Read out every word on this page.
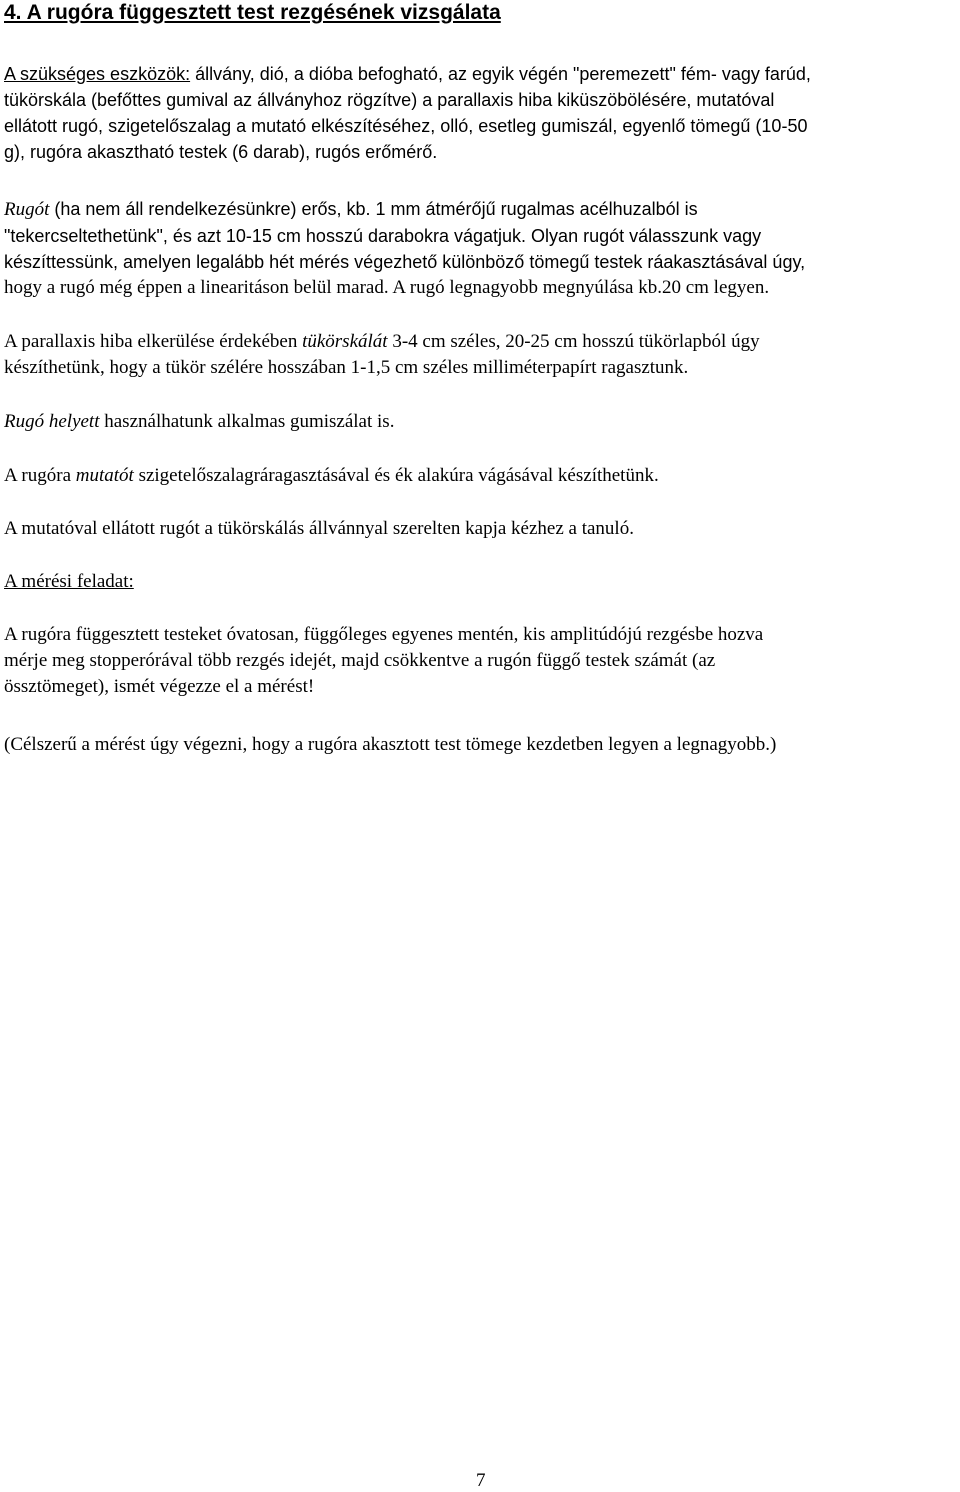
4. A rugóra függesztett test rezgésének vizsgálata
A szükséges eszközök: állvány, dió, a dióba befogható, az egyik végén "peremezett" fém- vagy farúd,
tükörskála (befőttes gumival az állványhoz rögzítve) a parallaxis hiba kiküszöbölésére, mutatóval
ellátott rugó, szigetelőszalag a mutató elkészítéséhez, olló, esetleg gumiszál, egyenlő tömegű (10-50
g), rugóra akasztható testek (6 darab), rugós erőmérő.
Rugót (ha nem áll rendelkezésünkre) erős, kb. 1 mm átmérőjű rugalmas acélhuzalból is
"tekercseltethetünk", és azt 10-15 cm hosszú darabokra vágatjuk. Olyan rugót válasszunk vagy
készíttessünk, amelyen legalább hét mérés végezhető különböző tömegű testek ráakasztásával úgy,
hogy a rugó még éppen a linearitáson belül marad. A rugó legnagyobb megnyúlása kb.20 cm legyen.
A parallaxis hiba elkerülése érdekében tükörskálát 3-4 cm széles, 20-25 cm hosszú tükörlapból úgy
készíthetünk, hogy a tükör szélére hosszában 1-1,5 cm széles milliméterpapírt ragasztunk.
Rugó helyett használhatunk alkalmas gumiszálat is.
A rugóra mutatót szigetelőszalagráragasztásával és ék alakúra vágásával készíthetünk.
A mutatóval ellátott rugót a tükörskálás állvánnyal szerelten kapja kézhez a tanuló.
A mérési feladat:
A rugóra függesztett testeket óvatosan, függőleges egyenes mentén, kis amplitúdójú rezgésbe hozva
mérje meg stopperórával több rezgés idejét, majd csökkentve a rugón függő testek számát (az
össztömeget), ismét végezze el a mérést!
(Célszerű a mérést úgy végezni, hogy a rugóra akasztott test tömege kezdetben legyen a legnagyobb.)
7
